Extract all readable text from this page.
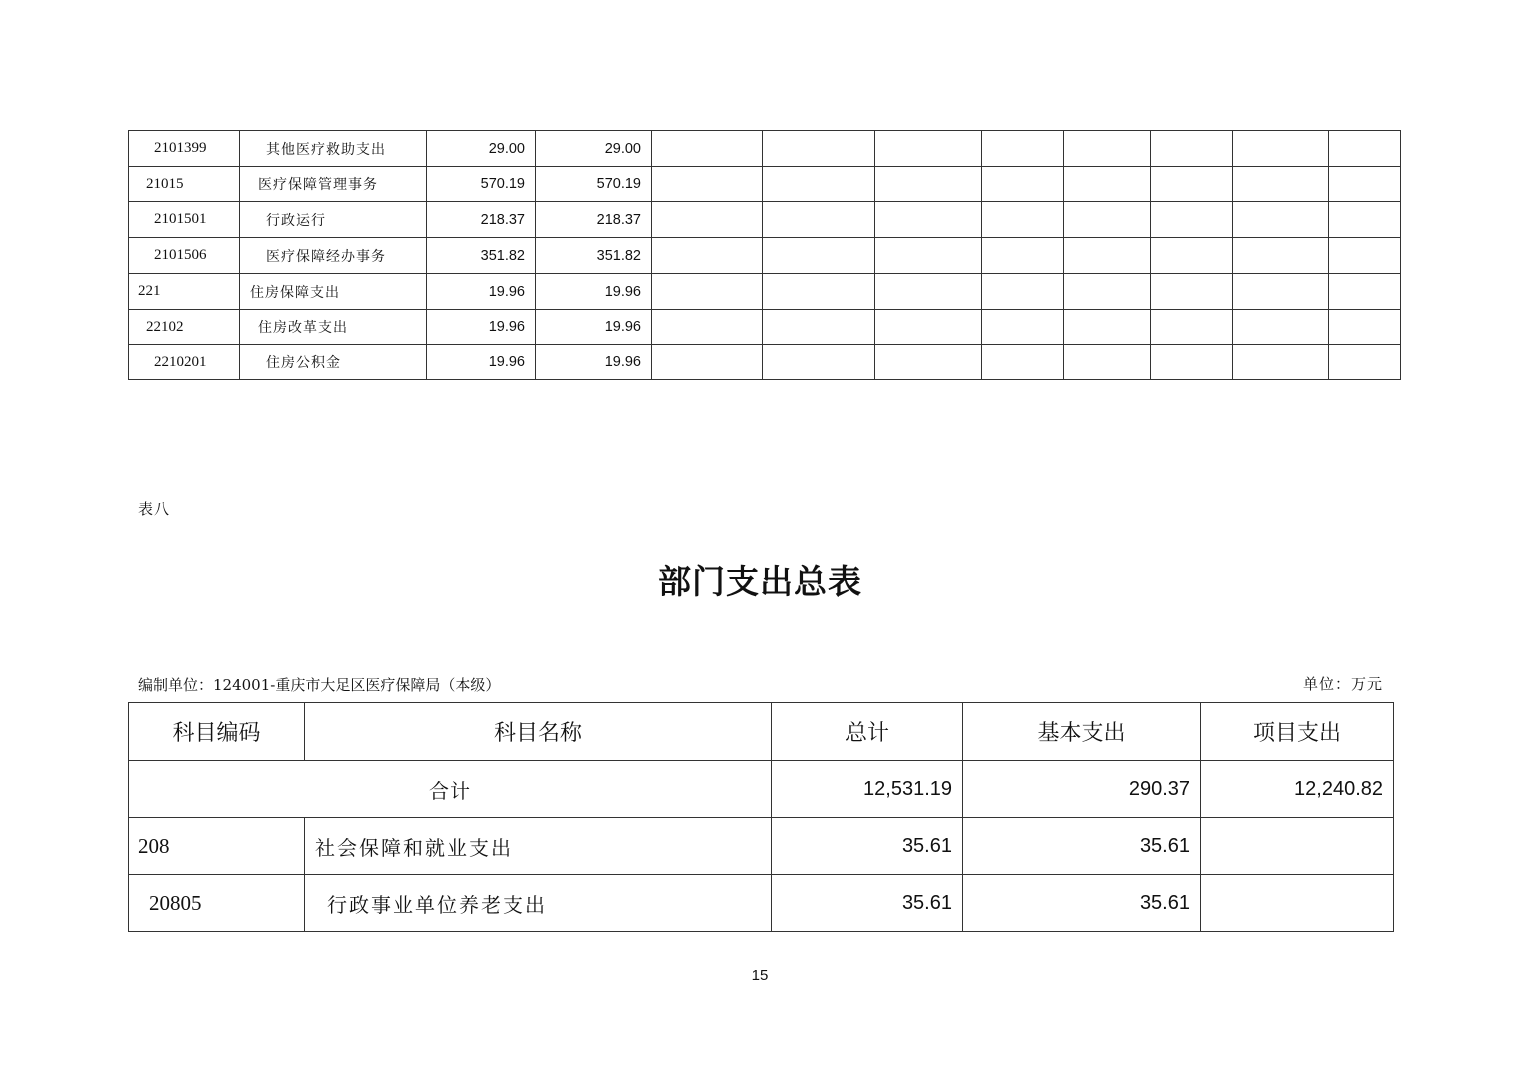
2101399	其他医疗救助支出	29.00	29.00								
21015	医疗保障管理事务	570.19	570.19								
2101501	行政运行	218.37	218.37								
2101506	医疗保障经办事务	351.82	351.82								
221	住房保障支出	19.96	19.96								
22102	住房改革支出	19.96	19.96								
2210201	住房公积金	19.96	19.96								
表八
部门支出总表
编制单位：124001-重庆市大足区医疗保障局（本级）	单位：万元
科目编码	科目名称	总计	基本支出	项目支出
合计		12,531.19	290.37	12,240.82
208	社会保障和就业支出	35.61	35.61	
20805	行政事业单位养老支出	35.61	35.61	
15
